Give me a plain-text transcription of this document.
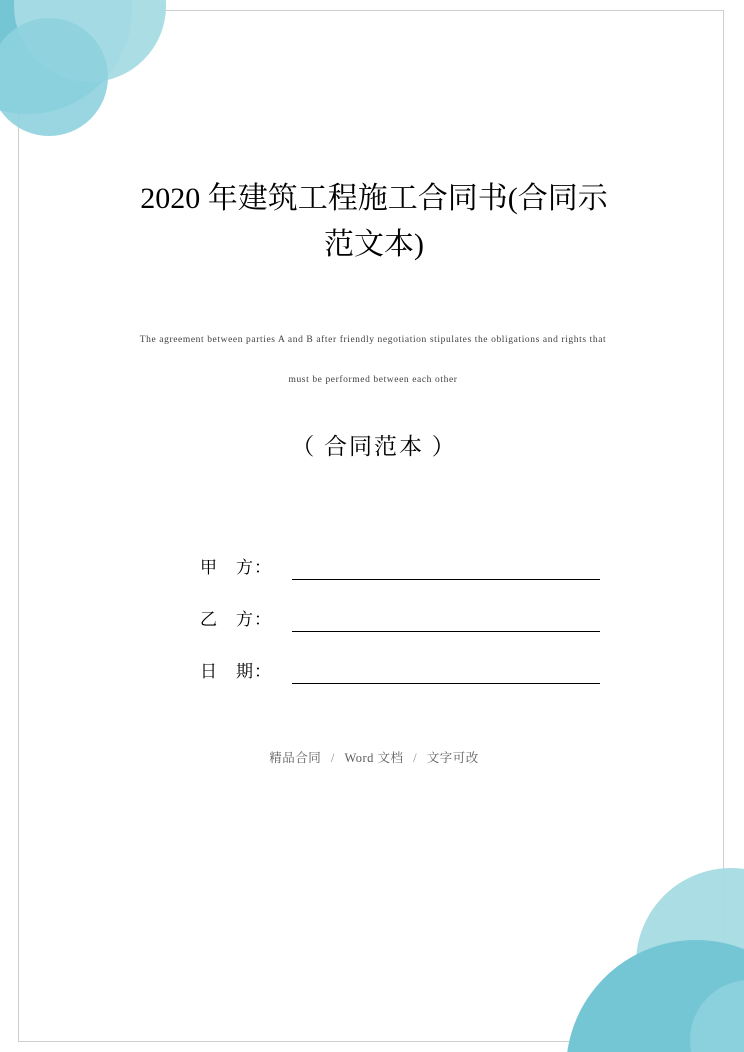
2020 年建筑工程施工合同书(合同示范文本)
The agreement between parties A and B after friendly negotiation stipulates the obligations and rights that must be performed between each other
（ 合同范本 ）
甲　方：
乙　方：
日　期：
精品合同 / Word 文档 / 文字可改
